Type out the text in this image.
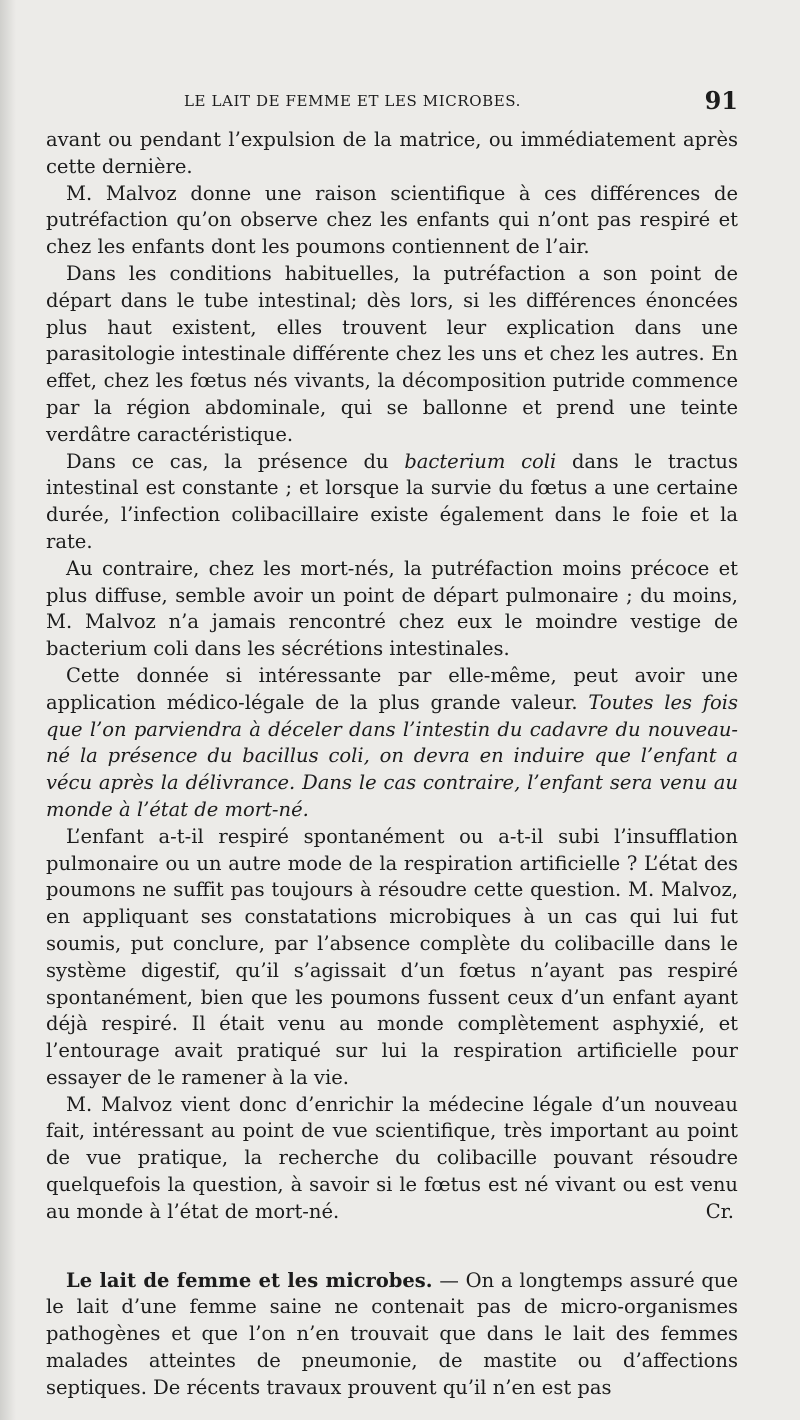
LE LAIT DE FEMME ET LES MICROBES.	91

avant ou pendant l’expulsion de la matrice, ou immédiatement après cette dernière.

M. Malvoz donne une raison scientifique à ces différences de putréfaction qu’on observe chez les enfants qui n’ont pas respiré et chez les enfants dont les poumons contiennent de l’air.

Dans les conditions habituelles, la putréfaction a son point de départ dans le tube intestinal; dès lors, si les différences énoncées plus haut existent, elles trouvent leur explication dans une parasitologie intestinale différente chez les uns et chez les autres. En effet, chez les fœtus nés vivants, la décomposition putride commence par la région abdominale, qui se ballonne et prend une teinte verdâtre caractéristique.

Dans ce cas, la présence du bacterium coli dans le tractus intestinal est constante ; et lorsque la survie du fœtus a une certaine durée, l’infection colibacillaire existe également dans le foie et la rate.

Au contraire, chez les mort-nés, la putréfaction moins précoce et plus diffuse, semble avoir un point de départ pulmonaire ; du moins, M. Malvoz n’a jamais rencontré chez eux le moindre vestige de bacterium coli dans les sécrétions intestinales.

Cette donnée si intéressante par elle-même, peut avoir une application médico-légale de la plus grande valeur. Toutes les fois que l’on parviendra à déceler dans l’intestin du cadavre du nouveau-né la présence du bacillus coli, on devra en induire que l’enfant a vécu après la délivrance. Dans le cas contraire, l’enfant sera venu au monde à l’état de mort-né.

L’enfant a-t-il respiré spontanément ou a-t-il subi l’insufflation pulmonaire ou un autre mode de la respiration artificielle ? L’état des poumons ne suffit pas toujours à résoudre cette question. M. Malvoz, en appliquant ses constatations microbiques à un cas qui lui fut soumis, put conclure, par l’absence complète du colibacille dans le système digestif, qu’il s’agissait d’un fœtus n’ayant pas respiré spontanément, bien que les poumons fussent ceux d’un enfant ayant déjà respiré. Il était venu au monde complètement asphyxié, et l’entourage avait pratiqué sur lui la respiration artificielle pour essayer de le ramener à la vie.

M. Malvoz vient donc d’enrichir la médecine légale d’un nouveau fait, intéressant au point de vue scientifique, très important au point de vue pratique, la recherche du colibacille pouvant résoudre quelquefois la question, à savoir si le fœtus est né vivant ou est venu au monde à l’état de mort-né.	Cr.

Le lait de femme et les microbes. — On a longtemps assuré que le lait d’une femme saine ne contenait pas de micro-organismes pathogènes et que l’on n’en trouvait que dans le lait des femmes malades atteintes de pneumonie, de mastite ou d’affections septiques. De récents travaux prouvent qu’il n’en est pas
